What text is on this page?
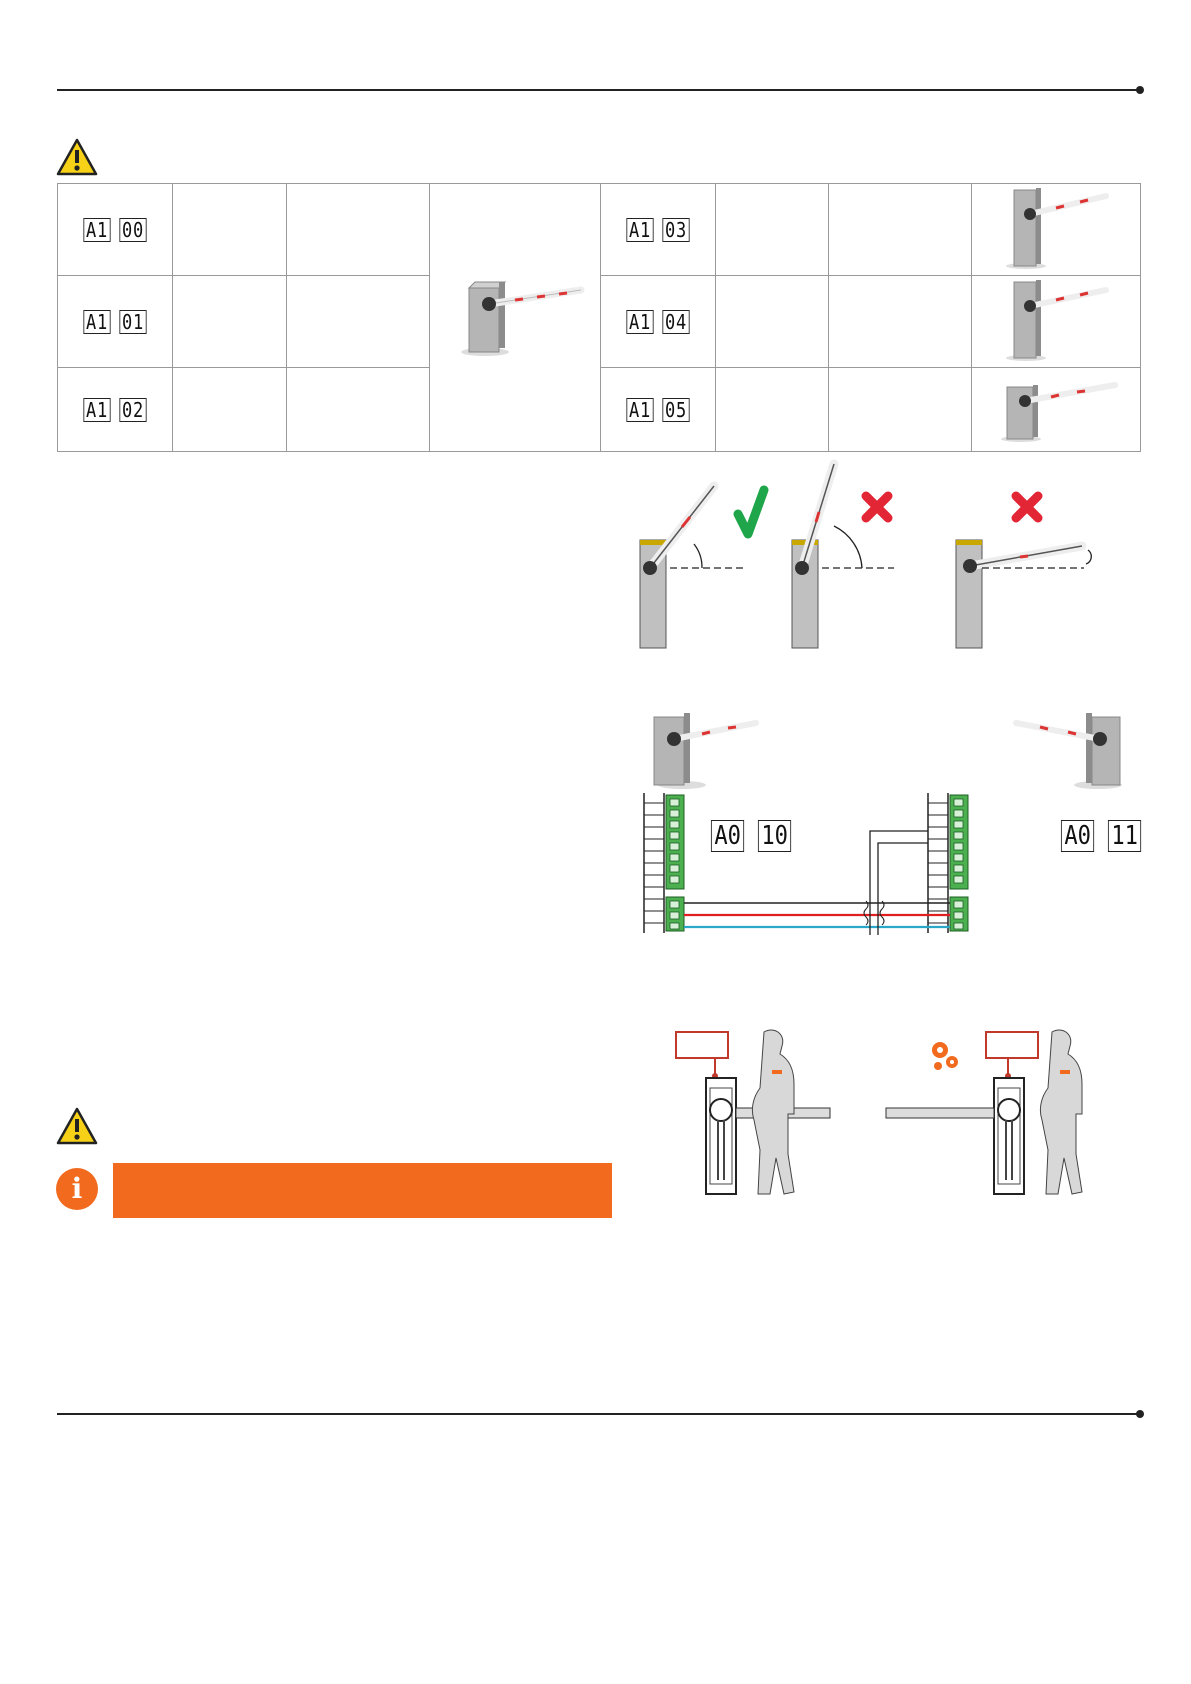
A1 00				A1 03

A1 01				A1 04

A1 02				A1 05

A0 10	A0 11
i
